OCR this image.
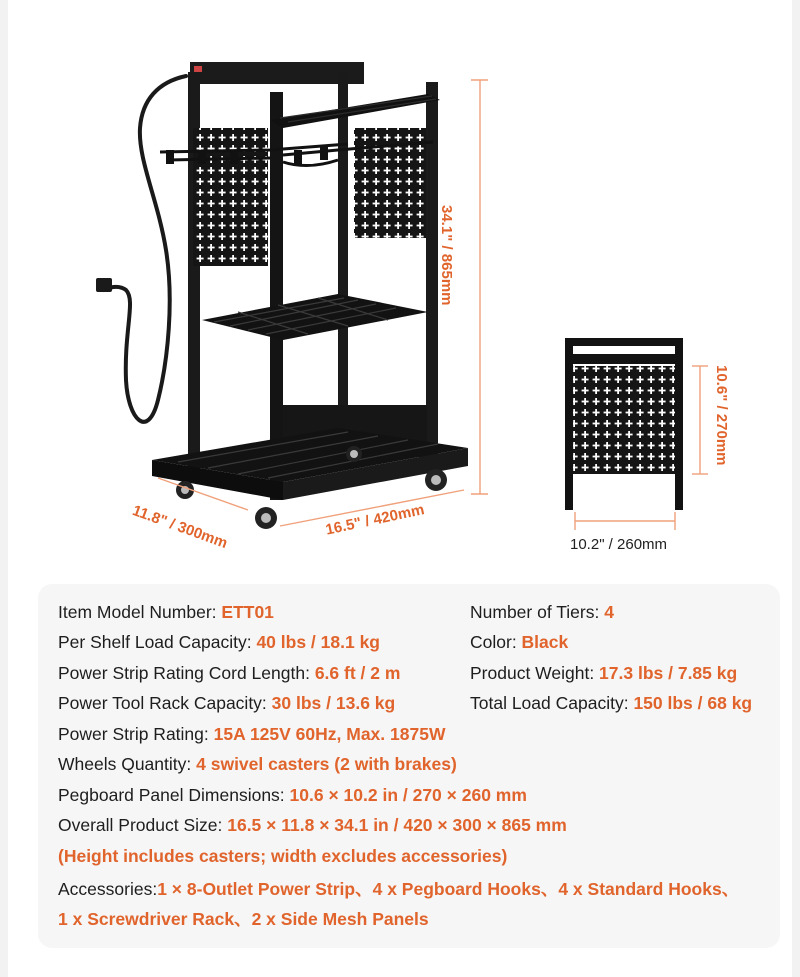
34.1" / 865mm
11.8" / 300mm	16.5" / 420mm
10.6" / 270mm
10.2" / 260mm
Item Model Number: ETT01	Number of Tiers: 4
Per Shelf Load Capacity: 40 lbs / 18.1 kg	Color: Black
Power Strip Rating Cord Length: 6.6 ft / 2 m	Product Weight: 17.3 lbs / 7.85 kg
Power Tool Rack Capacity: 30 lbs / 13.6 kg	Total Load Capacity: 150 lbs / 68 kg
Power Strip Rating: 15A 125V 60Hz, Max. 1875W
Wheels Quantity: 4 swivel casters (2 with brakes)
Pegboard Panel Dimensions: 10.6 × 10.2 in / 270 × 260 mm
Overall Product Size: 16.5 × 11.8 × 34.1 in / 420 × 300 × 865 mm
(Height includes casters; width excludes accessories)
Accessories:1 × 8-Outlet Power Strip、4 x Pegboard Hooks、4 x Standard Hooks、
1 x Screwdriver Rack、2 x Side Mesh Panels
